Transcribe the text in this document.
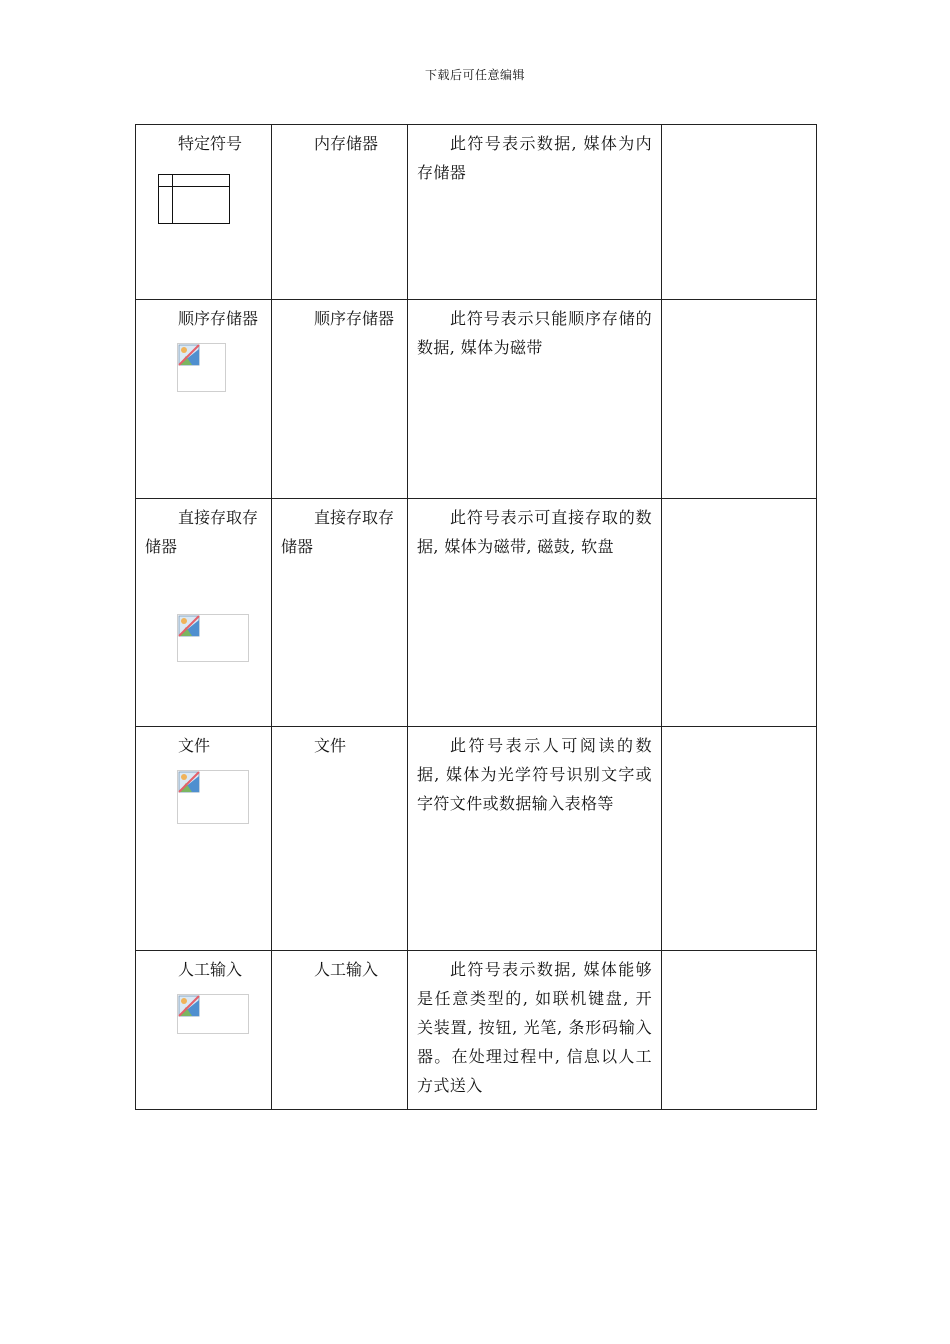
下载后可任意编辑
特定符号	内存储器	此符号表示数据, 媒体为内存储器	

顺序存储器	顺序存储器	此符号表示只能顺序存储的数据, 媒体为磁带	

直接存取存储器	直接存取存储器	此符号表示可直接存取的数据, 媒体为磁带, 磁鼓, 软盘	

文件	文件	此符号表示人可阅读的数据, 媒体为光学符号识别文字或字符文件或数据输入表格等	

人工输入	人工输入	此符号表示数据, 媒体能够是任意类型的, 如联机键盘, 开关装置, 按钮, 光笔, 条形码输入器。在处理过程中, 信息以人工方式送入	
